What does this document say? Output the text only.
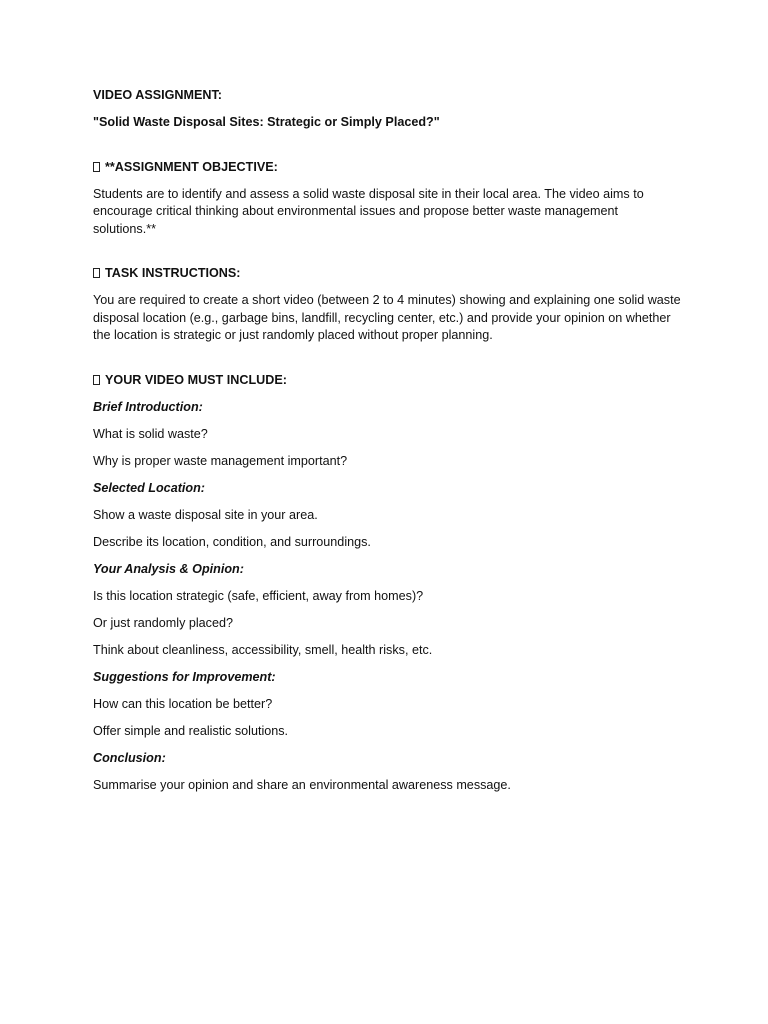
VIDEO ASSIGNMENT:

"Solid Waste Disposal Sites: Strategic or Simply Placed?"

**ASSIGNMENT OBJECTIVE:

Students are to identify and assess a solid waste disposal site in their local area. The video aims to encourage critical thinking about environmental issues and propose better waste management solutions.**

TASK INSTRUCTIONS:

You are required to create a short video (between 2 to 4 minutes) showing and explaining one solid waste disposal location (e.g., garbage bins, landfill, recycling center, etc.) and provide your opinion on whether the location is strategic or just randomly placed without proper planning.

YOUR VIDEO MUST INCLUDE:

Brief Introduction:

What is solid waste?

Why is proper waste management important?

Selected Location:

Show a waste disposal site in your area.

Describe its location, condition, and surroundings.

Your Analysis & Opinion:

Is this location strategic (safe, efficient, away from homes)?

Or just randomly placed?

Think about cleanliness, accessibility, smell, health risks, etc.

Suggestions for Improvement:

How can this location be better?

Offer simple and realistic solutions.

Conclusion:

Summarise your opinion and share an environmental awareness message.
